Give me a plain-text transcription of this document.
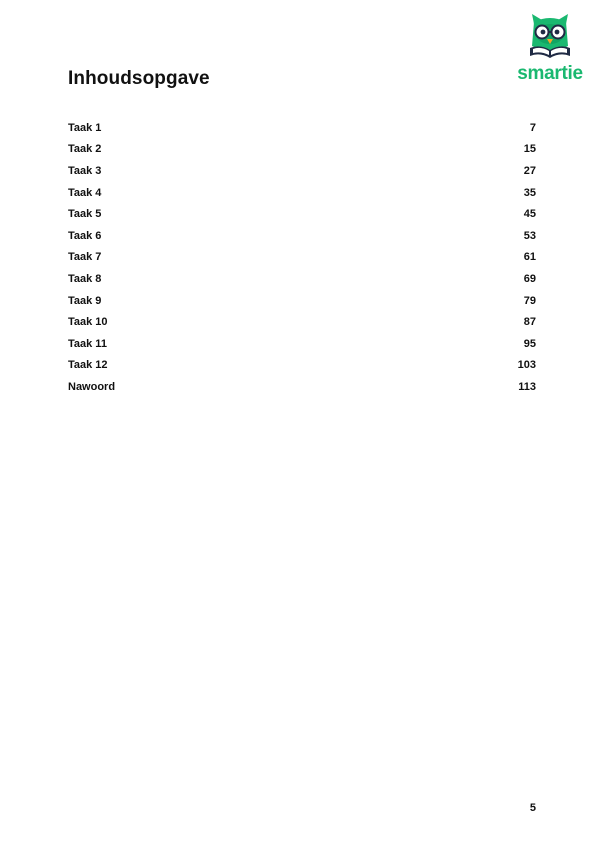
Inhoudsopgave	smartie
Taak 1	7
Taak 2	15
Taak 3	27
Taak 4	35
Taak 5	45
Taak 6	53
Taak 7	61
Taak 8	69
Taak 9	79
Taak 10	87
Taak 11	95
Taak 12	103
Nawoord	113
5
